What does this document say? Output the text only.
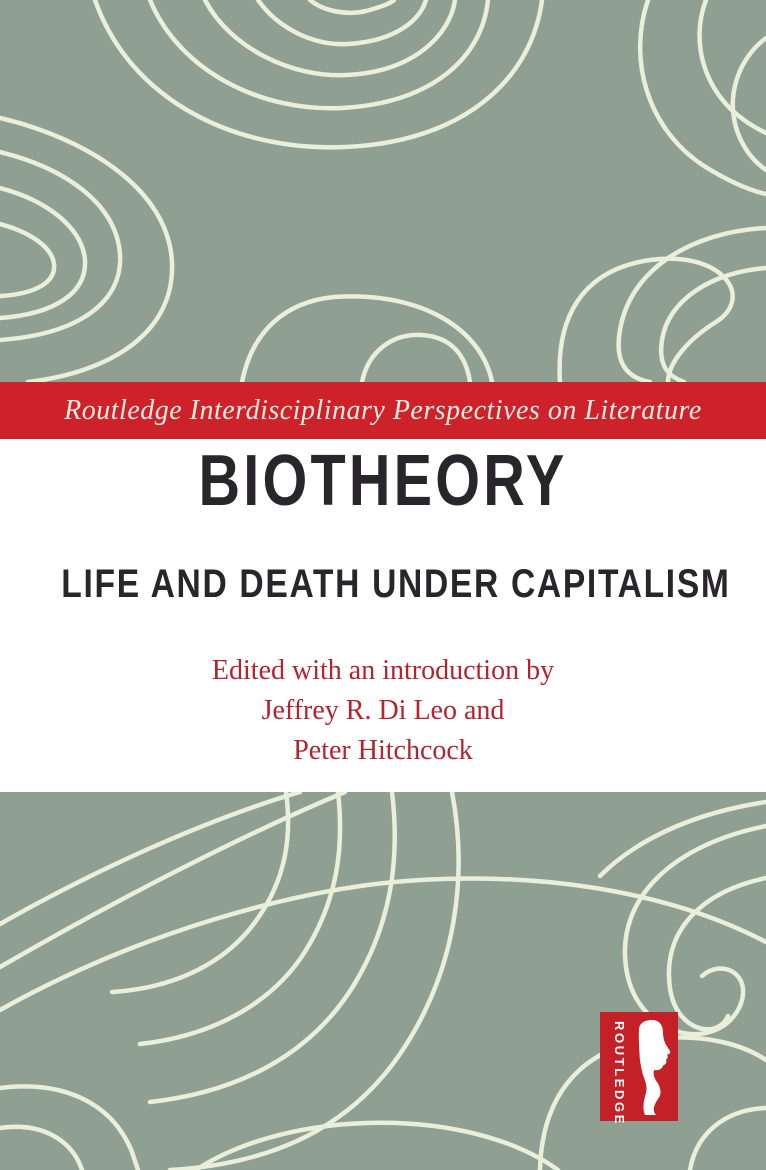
Routledge Interdisciplinary Perspectives on Literature
BIOTHEORY
LIFE AND DEATH UNDER CAPITALISM

Edited with an introduction by

Jeffrey R. Di Leo and

Peter Hitchcock

ROUTLEDGE
